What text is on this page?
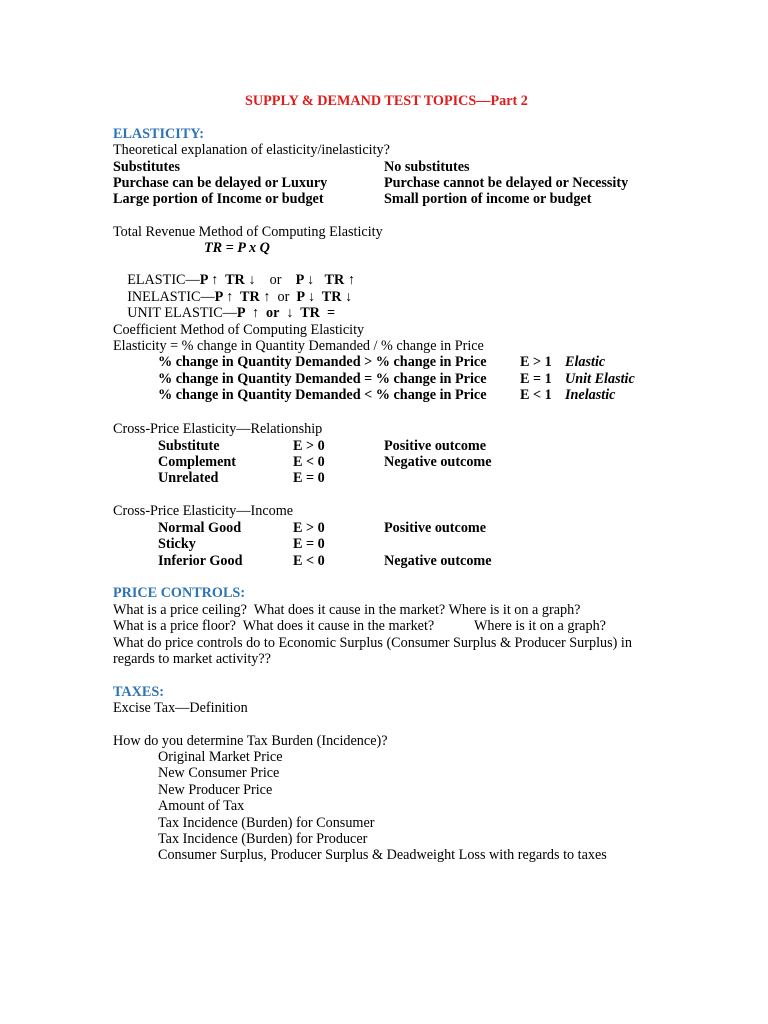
SUPPLY & DEMAND TEST TOPICS—Part 2
ELASTICITY:
Theoretical explanation of elasticity/inelasticity?
Substitutes	No substitutes
Purchase can be delayed or Luxury	Purchase cannot be delayed or Necessity
Large portion of Income or budget	Small portion of income or budget
Total Revenue Method of Computing Elasticity
TR = P x Q

ELASTIC—P ↑  TR ↓    or    P ↓   TR ↑

INELASTIC—P ↑  TR ↑  or  P ↓  TR ↓

UNIT ELASTIC—P  ↑  or  ↓  TR  =

Coefficient Method of Computing Elasticity
Elasticity = % change in Quantity Demanded / % change in Price
% change in Quantity Demanded > % change in Price E > 1 Elastic
% change in Quantity Demanded = % change in Price E = 1 Unit Elastic
% change in Quantity Demanded < % change in Price E < 1 Inelastic
Cross-Price Elasticity—Relationship
Substitute	E > 0	Positive outcome
Complement	E < 0	Negative outcome
Unrelated	E = 0
Cross-Price Elasticity—Income
Normal Good	E > 0	Positive outcome
Sticky	E = 0
Inferior Good	E < 0	Negative outcome
PRICE CONTROLS:
What is a price ceiling?  What does it cause in the market? Where is it on a graph?
What is a price floor?  What does it cause in the market?	Where is it on a graph?
What do price controls do to Economic Surplus (Consumer Surplus & Producer Surplus) in
regards to market activity??
TAXES:
Excise Tax—Definition
How do you determine Tax Burden (Incidence)?
Original Market Price
New Consumer Price
New Producer Price
Amount of Tax
Tax Incidence (Burden) for Consumer
Tax Incidence (Burden) for Producer
Consumer Surplus, Producer Surplus & Deadweight Loss with regards to taxes
